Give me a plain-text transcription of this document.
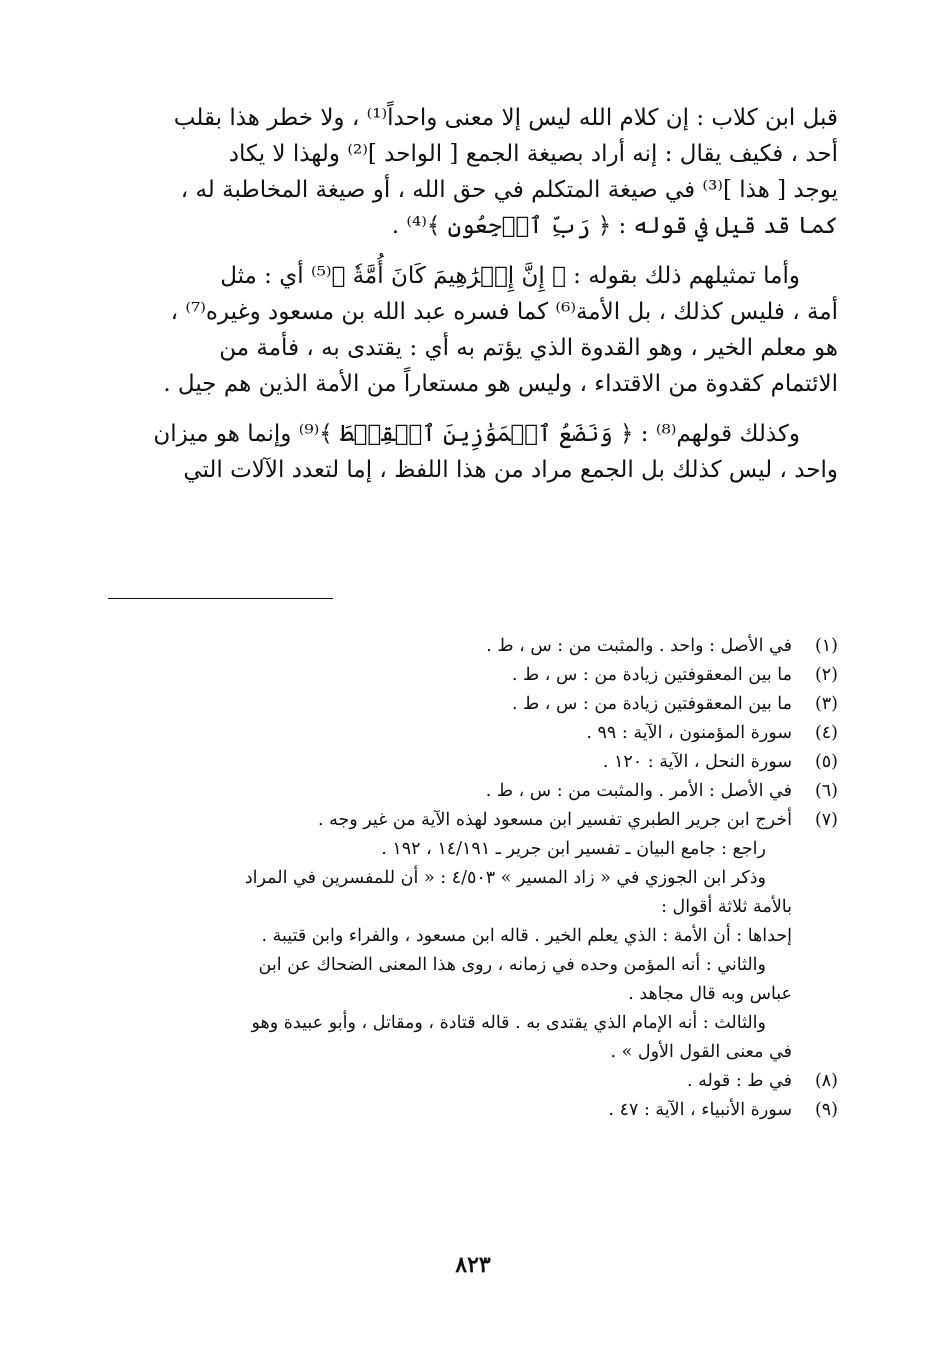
قبل ابن كلاب : إن كلام الله ليس إلا معنى واحداً⁽¹⁾ ، ولا خطر هذا بقلب

أحد ، فكيف يقال : إنه أراد بصيغة الجمع [ الواحد ]⁽²⁾ ولهذا لا يكاد

يوجد [ هذا ]⁽³⁾ في صيغة المتكلم في حق الله ، أو صيغة المخاطبة له ،

كما قد قيل في قوله : ﴿ رَبِّ ٱرۡجِعُونِ ﴾⁽⁴⁾ .

وأما تمثيلهم ذلك بقوله : ﴿ إِنَّ إِبۡرَٰهِيمَ كَانَ أُمَّةٗ ﴾⁽⁵⁾ أي : مثل

أمة ، فليس كذلك ، بل الأمة⁽⁶⁾ كما فسره عبد الله بن مسعود وغيره⁽⁷⁾ ،

هو معلم الخير ، وهو القدوة الذي يؤتم به أي : يقتدى به ، فأمة من

الائتمام كقدوة من الاقتداء ، وليس هو مستعاراً من الأمة الذين هم جيل .

وكذلك قولهم⁽⁸⁾ : ﴿ وَنَضَعُ ٱلۡمَوَٰزِينَ ٱلۡقِسۡطَ ﴾⁽⁹⁾ وإنما هو ميزان

واحد ، ليس كذلك بل الجمع مراد من هذا اللفظ ، إما لتعدد الآلات التي

(١)
في الأصل : واحد . والمثبت من : س ، ط .
(٢)
ما بين المعقوفتين زيادة من : س ، ط .
(٣)
ما بين المعقوفتين زيادة من : س ، ط .
(٤)
سورة المؤمنون ، الآية : ٩٩ .
(٥)
سورة النحل ، الآية : ١٢٠ .
(٦)
في الأصل : الأمر . والمثبت من : س ، ط .
(٧)
أخرج ابن جرير الطبري تفسير ابن مسعود لهذه الآية من غير وجه .
راجع : جامع البيان ـ تفسير ابن جرير ـ ١٤/١٩١ ، ١٩٢ .
وذكر ابن الجوزي في « زاد المسير » ٤/٥٠٣ : « أن للمفسرين في المراد
بالأمة ثلاثة أقوال :
إحداها : أن الأمة : الذي يعلم الخير . قاله ابن مسعود ، والفراء وابن قتيبة .
والثاني : أنه المؤمن وحده في زمانه ، روى هذا المعنى الضحاك عن ابن
عباس وبه قال مجاهد .
والثالث : أنه الإمام الذي يقتدى به . قاله قتادة ، ومقاتل ، وأبو عبيدة وهو
في معنى القول الأول » .
(٨)
في ط : قوله .
(٩)
سورة الأنبياء ، الآية : ٤٧ .
٨٢٣
